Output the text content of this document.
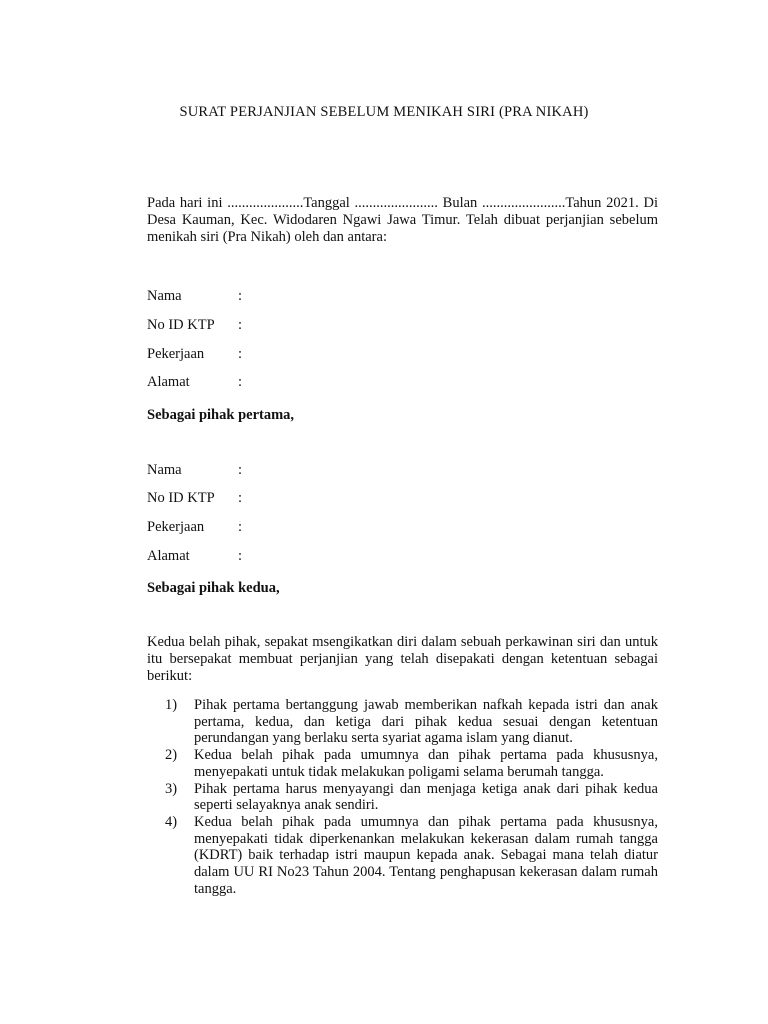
SURAT PERJANJIAN SEBELUM MENIKAH SIRI (PRA NIKAH)
Pada hari ini .....................Tanggal ....................... Bulan .......................Tahun 2021. Di Desa Kauman, Kec. Widodaren Ngawi Jawa Timur. Telah dibuat perjanjian sebelum menikah siri (Pra Nikah) oleh dan antara:
Nama	:
No ID KTP :
Pekerjaan :
Alamat	:
Sebagai pihak pertama,
Nama	:
No ID KTP :
Pekerjaan :
Alamat	:
Sebagai pihak kedua,
Kedua belah pihak, sepakat msengikatkan diri dalam sebuah perkawinan siri dan untuk itu bersepakat membuat perjanjian yang telah disepakati dengan ketentuan sebagai berikut:
1) Pihak pertama bertanggung jawab memberikan nafkah kepada istri dan anak pertama, kedua, dan ketiga dari pihak kedua sesuai dengan ketentuan perundangan yang berlaku serta syariat agama islam yang dianut.
2) Kedua belah pihak pada umumnya dan pihak pertama pada khususnya, menyepakati untuk tidak melakukan poligami selama berumah tangga.
3) Pihak pertama harus menyayangi dan menjaga ketiga anak dari pihak kedua seperti selayaknya anak sendiri.
4) Kedua belah pihak pada umumnya dan pihak pertama pada khususnya, menyepakati tidak diperkenankan melakukan kekerasan dalam rumah tangga (KDRT) baik terhadap istri maupun kepada anak. Sebagai mana telah diatur dalam UU RI No23 Tahun 2004. Tentang penghapusan kekerasan dalam rumah tangga.
